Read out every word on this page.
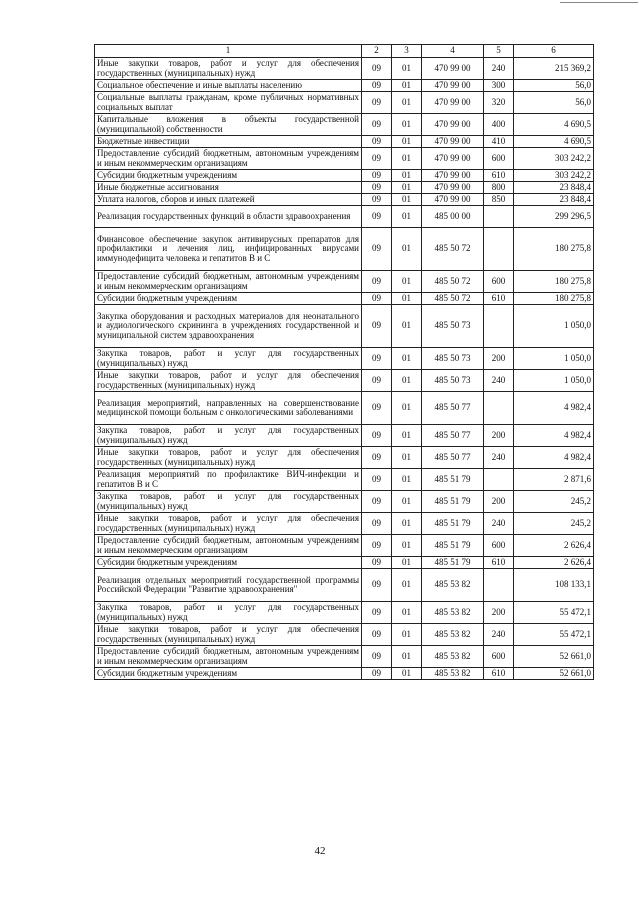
1	2	3	4	5	6
Иные закупки товаров, работ и услуг для обеспечения государственных (муниципальных) нужд	09	01	470 99 00	240	215 369,2
Социальное обеспечение и иные выплаты населению	09	01	470 99 00	300	56,0
Социальные выплаты гражданам, кроме публичных нормативных социальных выплат	09	01	470 99 00	320	56,0
Капитальные вложения в объекты государственной (муниципальной) собственности	09	01	470 99 00	400	4 690,5
Бюджетные инвестиции	09	01	470 99 00	410	4 690,5
Предоставление субсидий бюджетным, автономным учреждениям и иным некоммерческим организациям	09	01	470 99 00	600	303 242,2
Субсидии бюджетным учреждениям	09	01	470 99 00	610	303 242,2
Иные бюджетные ассигнования	09	01	470 99 00	800	23 848,4
Уплата налогов, сборов и иных платежей	09	01	470 99 00	850	23 848,4
Реализация государственных функций в области здравоохранения	09	01	485 00 00		299 296,5
Финансовое обеспечение закупок антивирусных препаратов для профилактики и лечения лиц, инфицированных вирусами иммунодефицита человека и гепатитов В и С	09	01	485 50 72		180 275,8
Предоставление субсидий бюджетным, автономным учреждениям и иным некоммерческим организациям	09	01	485 50 72	600	180 275,8
Субсидии бюджетным учреждениям	09	01	485 50 72	610	180 275,8
Закупка оборудования и расходных материалов для неонатального и аудиологического скрининга в учреждениях государственной и муниципальной систем здравоохранения	09	01	485 50 73		1 050,0
Закупка товаров, работ и услуг для государственных (муниципальных) нужд	09	01	485 50 73	200	1 050,0
Иные закупки товаров, работ и услуг для обеспечения государственных (муниципальных) нужд	09	01	485 50 73	240	1 050,0
Реализация мероприятий, направленных на совершенствование медицинской помощи больным с онкологическими заболеваниями	09	01	485 50 77		4 982,4
Закупка товаров, работ и услуг для государственных (муниципальных) нужд	09	01	485 50 77	200	4 982,4
Иные закупки товаров, работ и услуг для обеспечения государственных (муниципальных) нужд	09	01	485 50 77	240	4 982,4
Реализация мероприятий по профилактике ВИЧ-инфекции и гепатитов В и С	09	01	485 51 79		2 871,6
Закупка товаров, работ и услуг для государственных (муниципальных) нужд	09	01	485 51 79	200	245,2
Иные закупки товаров, работ и услуг для обеспечения государственных (муниципальных) нужд	09	01	485 51 79	240	245,2
Предоставление субсидий бюджетным, автономным учреждениям и иным некоммерческим организациям	09	01	485 51 79	600	2 626,4
Субсидии бюджетным учреждениям	09	01	485 51 79	610	2 626,4
Реализация отдельных мероприятий государственной программы Российской Федерации "Развитие здравоохранения"	09	01	485 53 82		108 133,1
Закупка товаров, работ и услуг для государственных (муниципальных) нужд	09	01	485 53 82	200	55 472,1
Иные закупки товаров, работ и услуг для обеспечения государственных (муниципальных) нужд	09	01	485 53 82	240	55 472,1
Предоставление субсидий бюджетным, автономным учреждениям и иным некоммерческим организациям	09	01	485 53 82	600	52 661,0
Субсидии бюджетным учреждениям	09	01	485 53 82	610	52 661,0
42
